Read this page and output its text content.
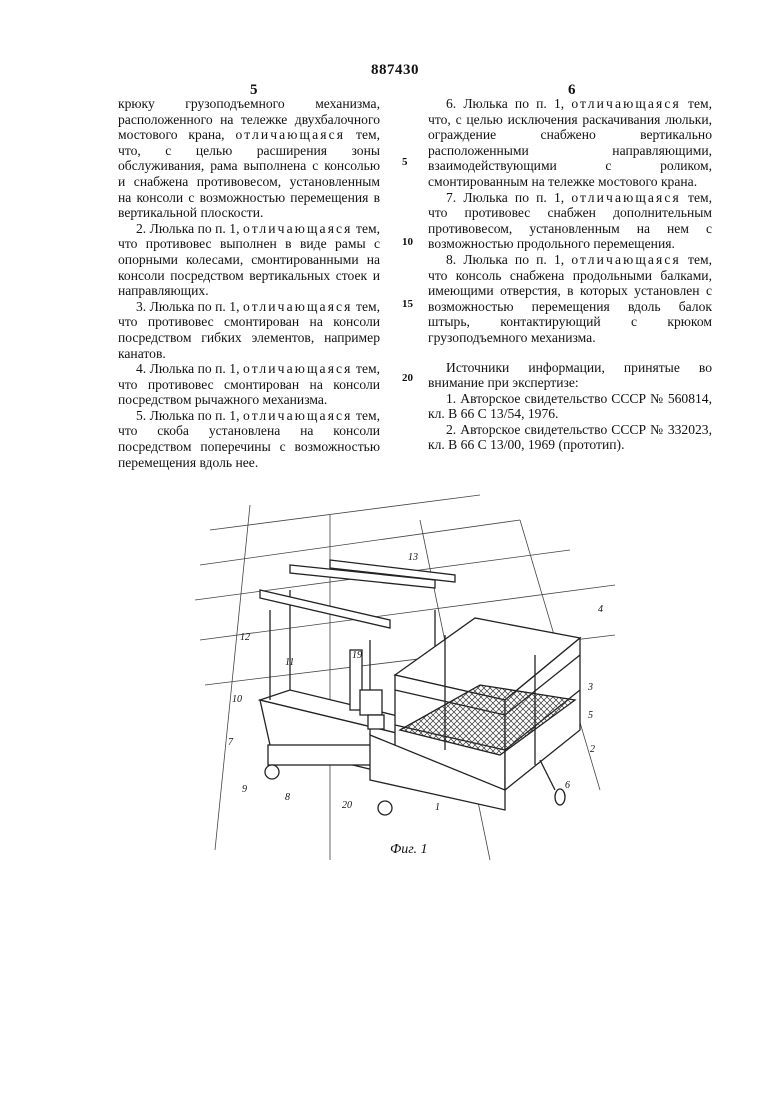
887430
5	6

крюку грузоподъемного механизма, расположенного на тележке двухбалочного мостового крана, отличающаяся тем, что, с целью расширения зоны обслуживания, рама выполнена с консолью и снабжена противовесом, установленным на консоли с возможностью перемещения в вертикальной плоскости.

2. Люлька по п. 1, отличающаяся тем, что противовес выполнен в виде рамы с опорными колесами, смонтированными на консоли посредством вертикальных стоек и направляющих.

3. Люлька по п. 1, отличающаяся тем, что противовес смонтирован на консоли посредством гибких элементов, например канатов.

4. Люлька по п. 1, отличающаяся тем, что противовес смонтирован на консоли посредством рычажного механизма.

5. Люлька по п. 1, отличающаяся тем, что скоба установлена на консоли посредством поперечины с возможностью перемещения вдоль нее.

5
10
15
20

6. Люлька по п. 1, отличающаяся тем, что, с целью исключения раскачивания люльки, ограждение снабжено вертикально расположенными направляющими, взаимодействующими с роликом, смонтированным на тележке мостового крана.

7. Люлька по п. 1, отличающаяся тем, что противовес снабжен дополнительным противовесом, установленным на нем с возможностью продольного перемещения.

8. Люлька по п. 1, отличающаяся тем, что консоль снабжена продольными балками, имеющими отверстия, в которых установлен с возможностью перемещения вдоль балок штырь, контактирующий с крюком грузоподъемного механизма.

Источники информации, принятые во внимание при экспертизе:

1. Авторское свидетельство СССР № 560814, кл. В 66 С 13/54, 1976.

2. Авторское свидетельство СССР № 332023, кл. В 66 С 13/00, 1969 (прототип).

1
2
3
4
5
6
7
8
9
10
11
12
13
19
20
Фиг. 1
